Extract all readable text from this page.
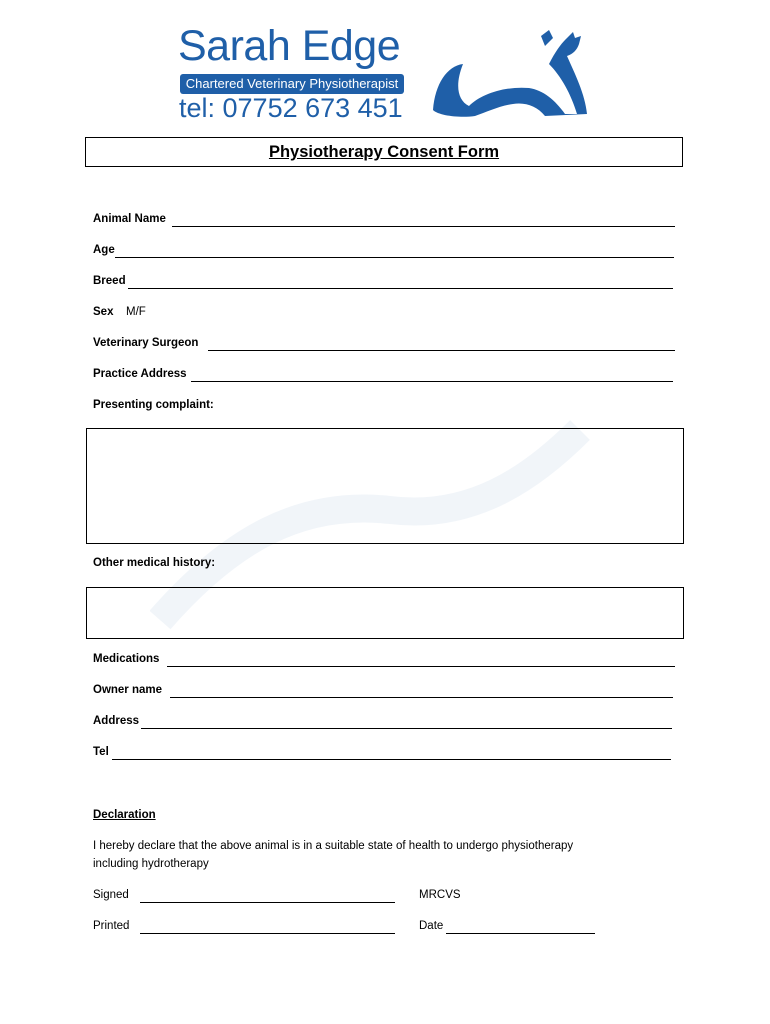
Sarah Edge
Chartered Veterinary Physiotherapist
tel: 07752 673 451
Physiotherapy Consent Form
Animal Name
Age
Breed
Sex M/F
Veterinary Surgeon
Practice Address
Presenting complaint:
Other medical history:
Medications
Owner name
Address
Tel
Declaration
I hereby declare that the above animal is in a suitable state of health to undergo physiotherapy
including hydrotherapy
Signed	MRCVS
Printed	Date
